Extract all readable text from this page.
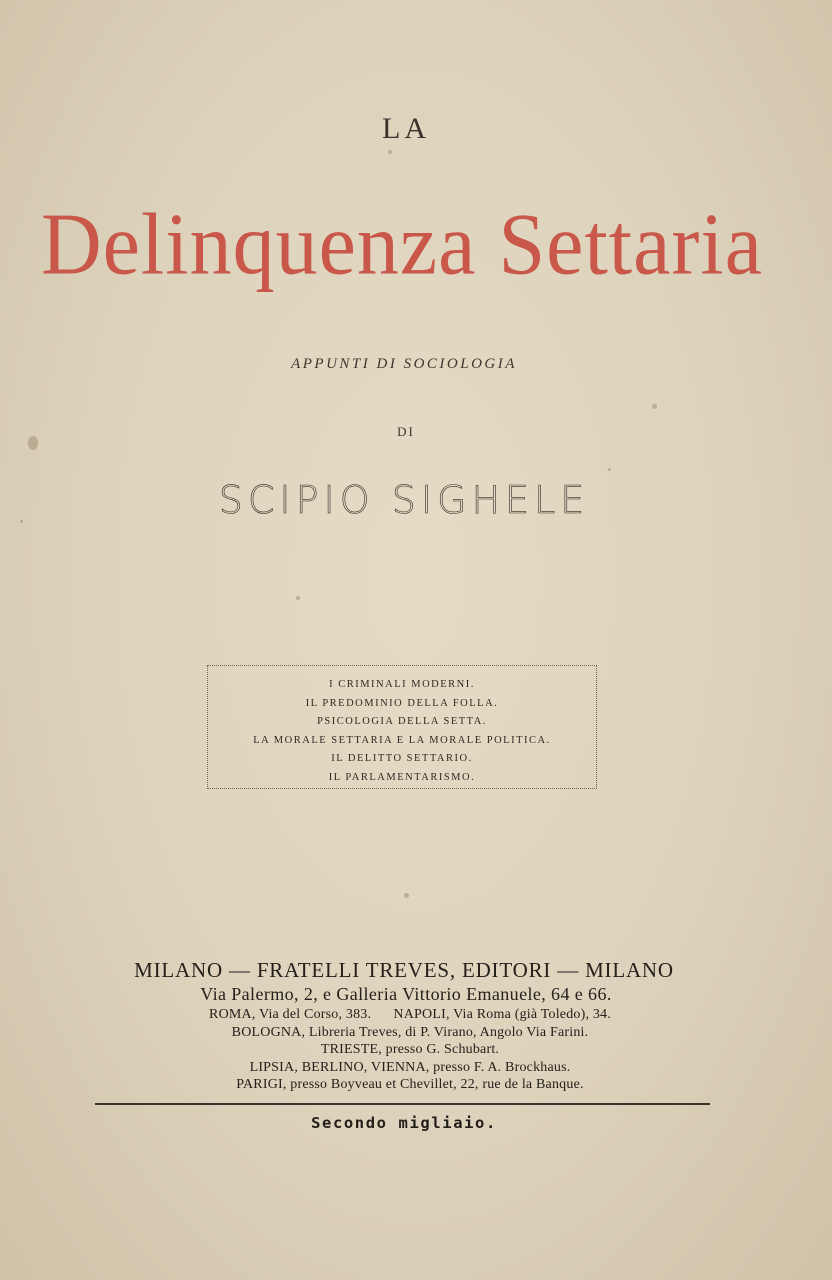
LA
Delinquenza Settaria
APPUNTI DI SOCIOLOGIA
DI
SCIPIO SIGHELE
I CRIMINALI MODERNI.
IL PREDOMINIO DELLA FOLLA.
PSICOLOGIA DELLA SETTA.
LA MORALE SETTARIA E LA MORALE POLITICA.
IL DELITTO SETTARIO.
IL PARLAMENTARISMO.
MILANO — FRATELLI TREVES, EDITORI — MILANO
Via Palermo, 2, e Galleria Vittorio Emanuele, 64 e 66.
ROMA, Via del Corso, 383.      NAPOLI, Via Roma (già Toledo), 34.
BOLOGNA, Libreria Treves, di P. Virano, Angolo Via Farini.
TRIESTE, presso G. Schubart.
LIPSIA, BERLINO, VIENNA, presso F. A. Brockhaus.
PARIGI, presso Boyveau et Chevillet, 22, rue de la Banque.
Secondo migliaio.
